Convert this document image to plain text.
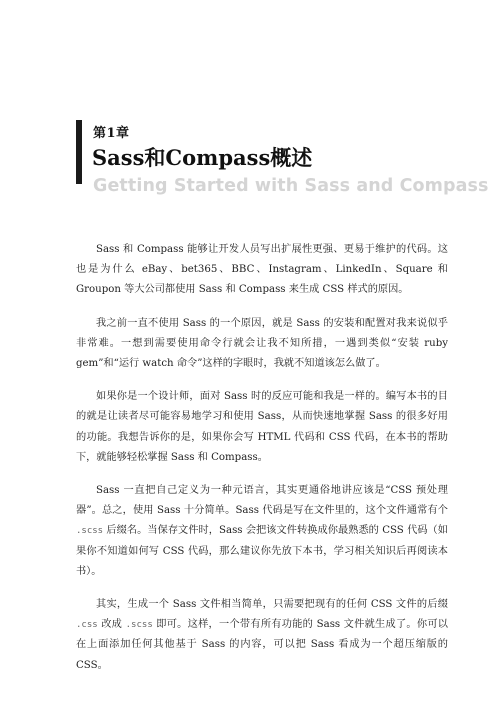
第1章
Sass和Compass概述
Getting Started with Sass and Compass

Sass 和 Compass 能够让开发人员写出扩展性更强、更易于维护的代码。这也是为什么 eBay、bet365、BBC、Instagram、LinkedIn、Square 和 Groupon 等大公司都使用 Sass 和 Compass 来生成 CSS 样式的原因。

我之前一直不使用 Sass 的一个原因，就是 Sass 的安装和配置对我来说似乎非常难。一想到需要使用命令行就会让我不知所措，一遇到类似“安装 ruby gem”和“运行 watch 命令”这样的字眼时，我就不知道该怎么做了。

如果你是一个设计师，面对 Sass 时的反应可能和我是一样的。编写本书的目的就是让读者尽可能容易地学习和使用 Sass，从而快速地掌握 Sass 的很多好用的功能。我想告诉你的是，如果你会写 HTML 代码和 CSS 代码，在本书的帮助下，就能够轻松掌握 Sass 和 Compass。

Sass 一直把自己定义为一种元语言，其实更通俗地讲应该是“CSS 预处理器”。总之，使用 Sass 十分简单。Sass 代码是写在文件里的，这个文件通常有个 .scss 后缀名。当保存文件时，Sass 会把该文件转换成你最熟悉的 CSS 代码（如果你不知道如何写 CSS 代码，那么建议你先放下本书，学习相关知识后再阅读本书）。

其实，生成一个 Sass 文件相当简单，只需要把现有的任何 CSS 文件的后缀 .css 改成 .scss 即可。这样，一个带有所有功能的 Sass 文件就生成了。你可以在上面添加任何其他基于 Sass 的内容，可以把 Sass 看成为一个超压缩版的 CSS。
